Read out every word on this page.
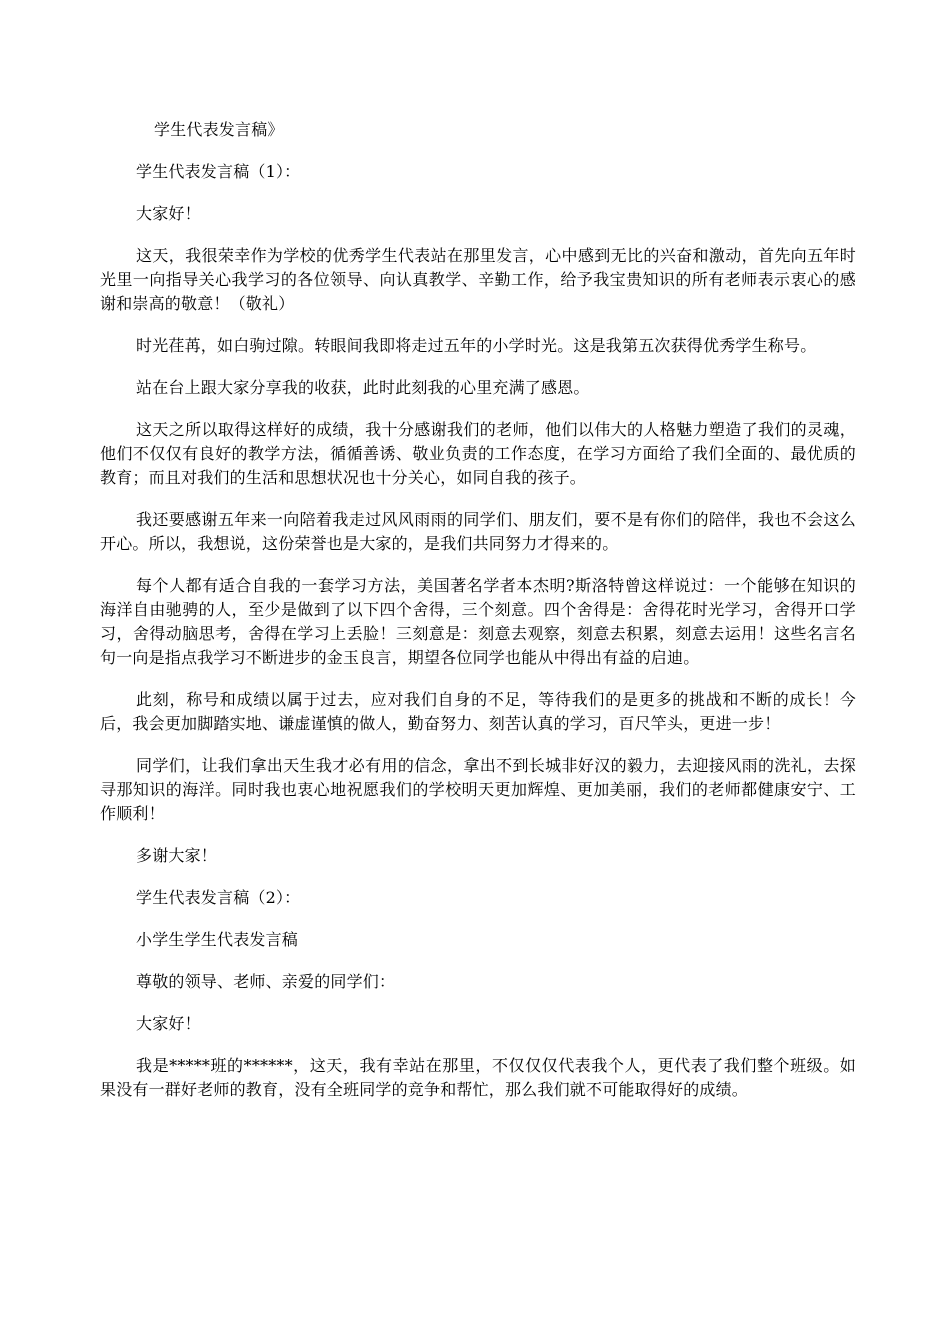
学生代表发言稿》

学生代表发言稿（1）：

大家好！

这天，我很荣幸作为学校的优秀学生代表站在那里发言，心中感到无比的兴奋和激动，首先向五年时光里一向指导关心我学习的各位领导、向认真教学、辛勤工作，给予我宝贵知识的所有老师表示衷心的感谢和崇高的敬意！（敬礼）

时光荏苒，如白驹过隙。转眼间我即将走过五年的小学时光。这是我第五次获得优秀学生称号。

站在台上跟大家分享我的收获，此时此刻我的心里充满了感恩。

这天之所以取得这样好的成绩，我十分感谢我们的老师，他们以伟大的人格魅力塑造了我们的灵魂，他们不仅仅有良好的教学方法，循循善诱、敬业负责的工作态度，在学习方面给了我们全面的、最优质的教育；而且对我们的生活和思想状况也十分关心，如同自我的孩子。

我还要感谢五年来一向陪着我走过风风雨雨的同学们、朋友们，要不是有你们的陪伴，我也不会这么开心。所以，我想说，这份荣誉也是大家的，是我们共同努力才得来的。

每个人都有适合自我的一套学习方法，美国著名学者本杰明?斯洛特曾这样说过：一个能够在知识的海洋自由驰骋的人，至少是做到了以下四个舍得，三个刻意。四个舍得是：舍得花时光学习，舍得开口学习，舍得动脑思考，舍得在学习上丢脸！三刻意是：刻意去观察，刻意去积累，刻意去运用！这些名言名句一向是指点我学习不断进步的金玉良言，期望各位同学也能从中得出有益的启迪。

此刻，称号和成绩以属于过去，应对我们自身的不足，等待我们的是更多的挑战和不断的成长！今后，我会更加脚踏实地、谦虚谨慎的做人，勤奋努力、刻苦认真的学习，百尺竿头，更进一步！

同学们，让我们拿出天生我才必有用的信念，拿出不到长城非好汉的毅力，去迎接风雨的洗礼，去探寻那知识的海洋。同时我也衷心地祝愿我们的学校明天更加辉煌、更加美丽，我们的老师都健康安宁、工作顺利！

多谢大家！

学生代表发言稿（2）：

小学生学生代表发言稿

尊敬的领导、老师、亲爱的同学们：

大家好！

我是*****班的******，这天，我有幸站在那里，不仅仅仅代表我个人，更代表了我们整个班级。如果没有一群好老师的教育，没有全班同学的竞争和帮忙，那么我们就不可能取得好的成绩。
